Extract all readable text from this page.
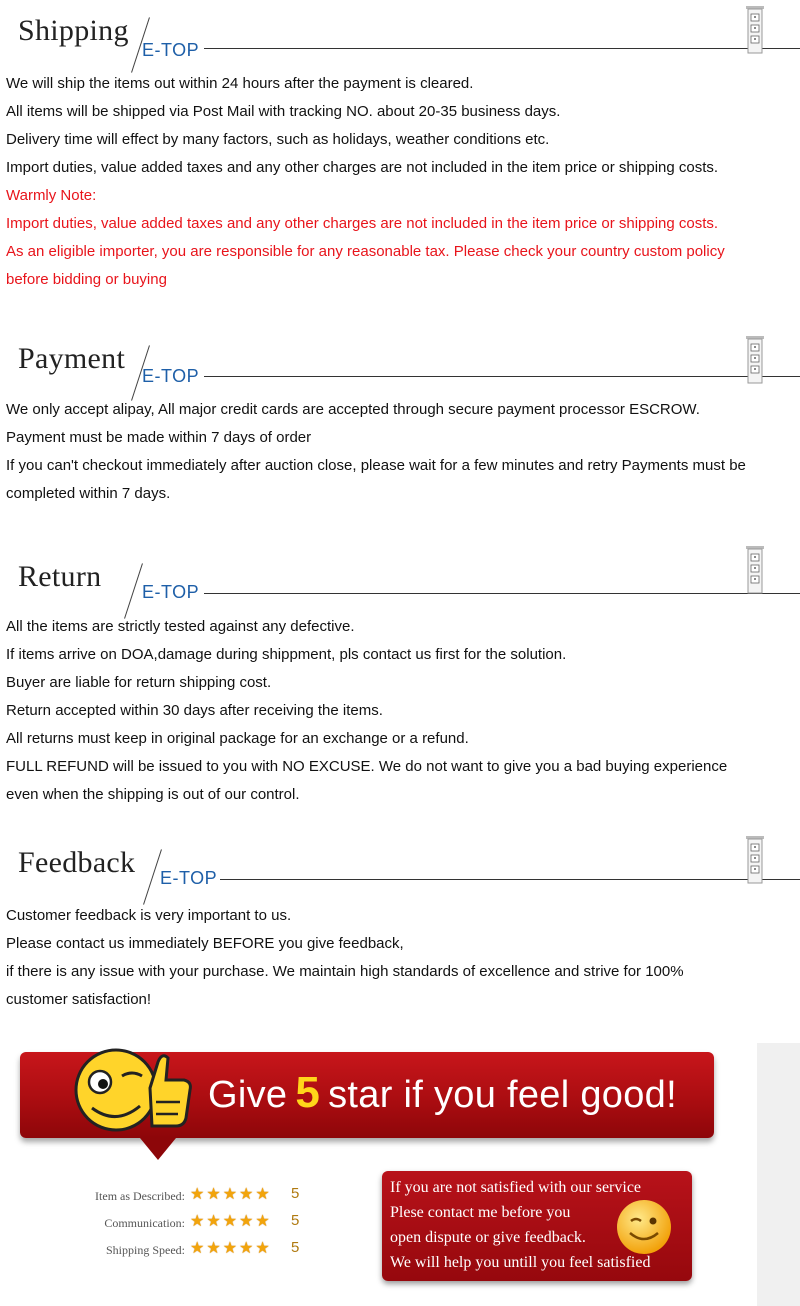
Shipping
E-TOP
We will ship the items out within 24 hours after the payment is cleared.
All items will be shipped via Post Mail with tracking NO. about 20-35 business days.
Delivery time will effect by many factors, such as holidays, weather conditions etc.
Import duties, value added taxes and any other charges are not included in the item price or shipping costs.
Warmly Note:
Import duties, value added taxes and any other charges are not included in the item price or shipping costs.
As an eligible importer, you are responsible for any reasonable tax. Please check your country custom policy
before bidding or buying
Payment
E-TOP
We only accept alipay, All major credit cards are accepted through secure payment processor ESCROW.
Payment must be made within 7 days of order
If you can't checkout immediately after auction close, please wait for a few minutes and retry Payments must be
completed within 7 days.
Return E-TOP
All the items are strictly tested against any defective.
If items arrive on DOA,damage during shippment, pls contact us first for the solution.
Buyer are liable for return shipping cost.
Return accepted within 30 days after receiving the items.
All returns must keep in original package for an exchange or a refund.
FULL REFUND will be issued to you with NO EXCUSE. We do not want to give you a bad buying experience
even when the shipping is out of our control.
Feedback E-TOP
Customer feedback is very important to us.
Please contact us immediately BEFORE you give feedback,
if there is any issue with your purchase. We maintain high standards of excellence and strive for 100%
customer satisfaction!
Give 5 star if you feel good!
Item as Described: ★★★★★ 5
Communication: ★★★★★ 5
Shipping Speed: ★★★★★ 5
If you are not satisfied with our service
Plese contact me before you
open dispute or give feedback.
We will help you untill you feel satisfied
